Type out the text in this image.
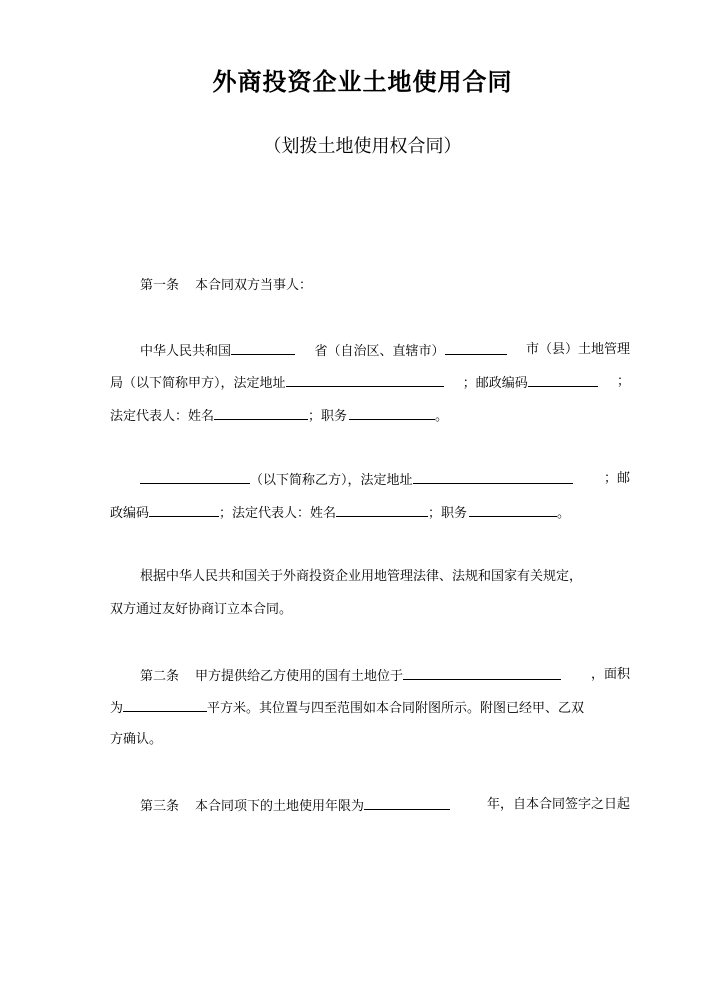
外商投资企业土地使用合同
（划拨土地使用权合同）
第一条 本合同双方当事人：
中华人民共和国	省（自治区、直辖市）	市（县）土地管理
局（以下简称甲方），法定地址	；邮政编码	；
法定代表人：姓名	；职务	。
（以下简称乙方），法定地址	；邮
政编码	；法定代表人：姓名	；职务	。
根据中华人民共和国关于外商投资企业用地管理法律、法规和国家有关规定，
双方通过友好协商订立本合同。
第二条 甲方提供给乙方使用的国有土地位于	，面积
为	平方米。其位置与四至范围如本合同附图所示。附图已经甲、乙双
方确认。
第三条 本合同项下的土地使用年限为	年，自本合同签字之日起
